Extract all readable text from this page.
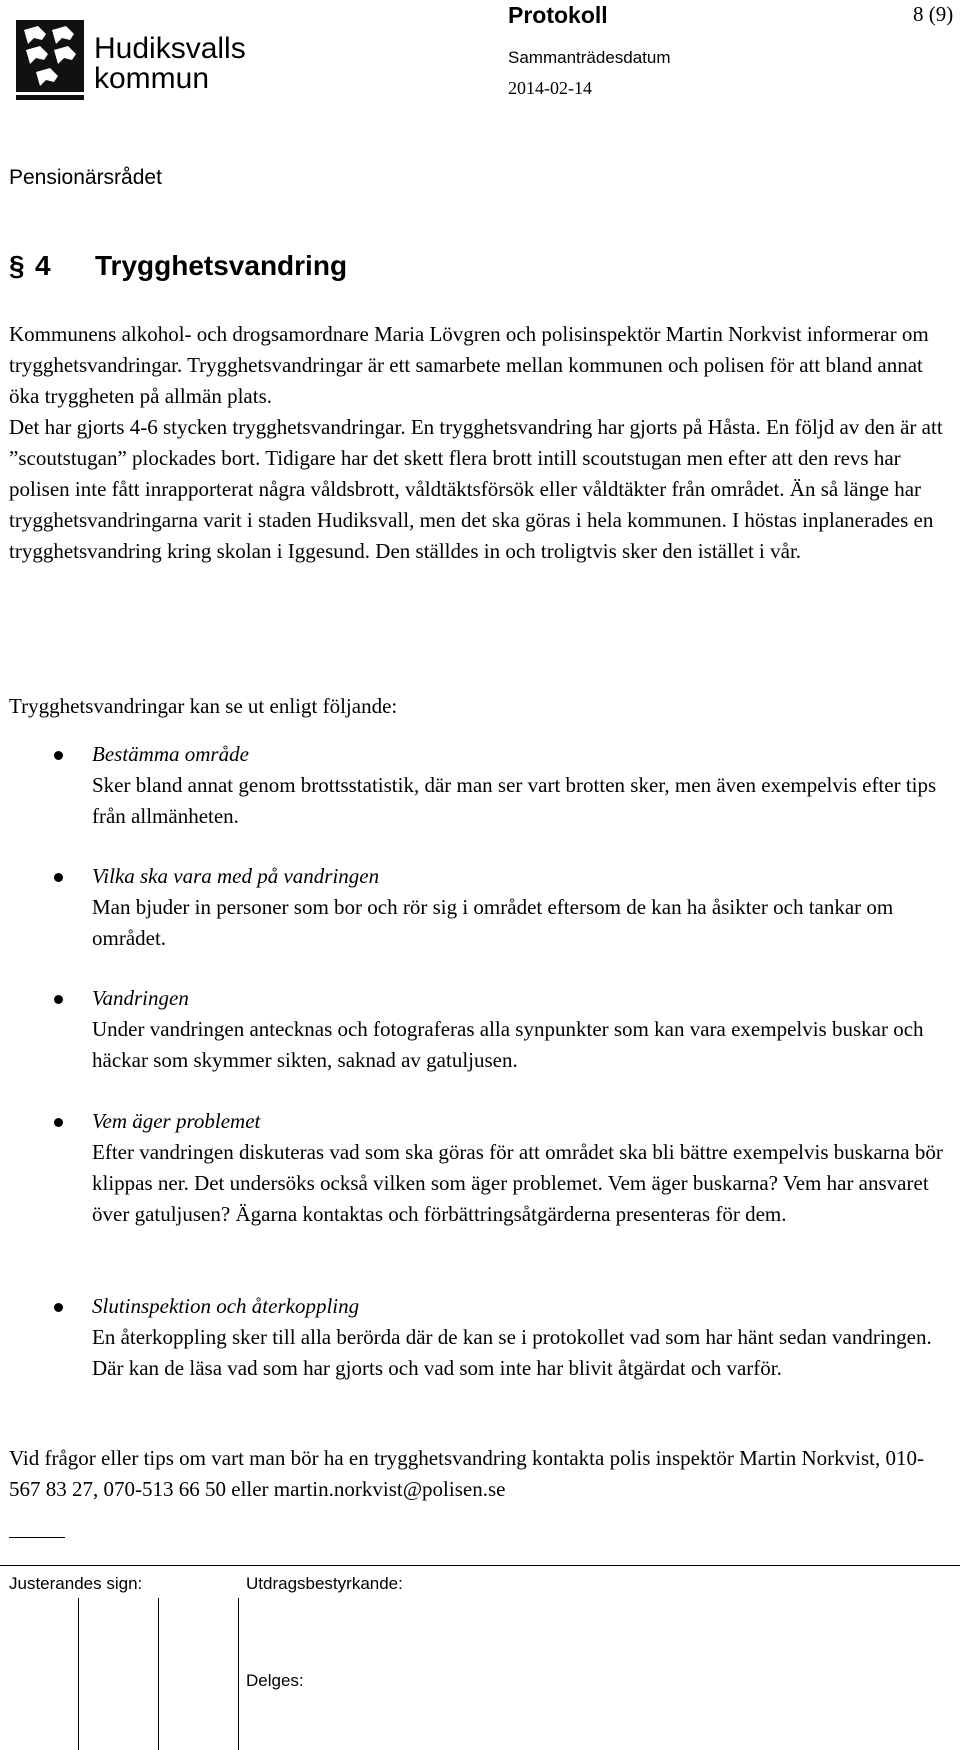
Hudiksvalls
kommun
Protokoll	8 (9)
Sammanträdesdatum
2014-02-14
Pensionärsrådet
§ 4 Trygghetsvandring

Kommunens alkohol- och drogsamordnare Maria Lövgren och polisinspektör Martin Norkvist informerar om trygghetsvandringar. Trygghetsvandringar är ett samarbete mellan kommunen och polisen för att bland annat öka tryggheten på allmän plats.

Det har gjorts 4-6 stycken trygghetsvandringar. En trygghetsvandring har gjorts på Håsta. En följd av den är att ”scoutstugan” plockades bort. Tidigare har det skett flera brott intill scoutstugan men efter att den revs har polisen inte fått inrapporterat några våldsbrott, våldtäktsförsök eller våldtäkter från området. Än så länge har trygghetsvandringarna varit i staden Hudiksvall, men det ska göras i hela kommunen. I höstas inplanerades en trygghetsvandring kring skolan i Iggesund. Den ställdes in och troligtvis sker den istället i vår.

Trygghetsvandringar kan se ut enligt följande:

Bestämma område

Sker bland annat genom brottsstatistik, där man ser vart brotten sker, men även exempelvis efter tips från allmänheten.

Vilka ska vara med på vandringen

Man bjuder in personer som bor och rör sig i området eftersom de kan ha åsikter och tankar om området.

Vandringen

Under vandringen antecknas och fotograferas alla synpunkter som kan vara exempelvis buskar och häckar som skymmer sikten, saknad av gatuljusen.

Vem äger problemet

Efter vandringen diskuteras vad som ska göras för att området ska bli bättre exempelvis buskarna bör klippas ner. Det undersöks också vilken som äger problemet. Vem äger buskarna? Vem har ansvaret över gatuljusen? Ägarna kontaktas och förbättringsåtgärderna presenteras för dem.

Slutinspektion och återkoppling

En återkoppling sker till alla berörda där de kan se i protokollet vad som har hänt sedan vandringen. Där kan de läsa vad som har gjorts och vad som inte har blivit åtgärdat och varför.

Vid frågor eller tips om vart man bör ha en trygghetsvandring kontakta polis inspektör Martin Norkvist, 010-567 83 27, 070-513 66 50 eller martin.norkvist@polisen.se

Justerandes sign:	Utdragsbestyrkande:
Delges:
